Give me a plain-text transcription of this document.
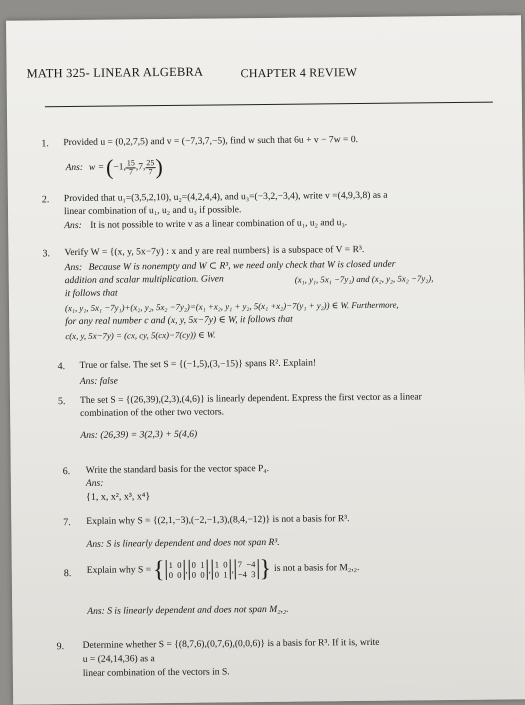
MATH 325- LINEAR ALGEBRA	CHAPTER 4 REVIEW
1. Provided u = (0,2,7,5) and v = (−7,3,7,−5), find w such that 6u + v − 7w = 0.
Ans: w = ( −1, $\frac{15}{7} ,7$, $\frac{25}{7}$ )
2. Provided that u₁=(3,5,2,10), u₂=(4,2,4,4), and u₃=(−3,2,−3,4), write v =(4,9,3,8) as a
linear combination of u₁, u₂ and u₃ if possible.
Ans: It is not possible to write v as a linear combination of u₁, u₂ and u₃.
3. Verify W = {(x, y, 5x−7y) : x and y are real numbers} is a subspace of V = R³.
Ans: Because W is nonempty and W ⊂ R³, we need only check that W is closed under
addition and scalar multiplication. Given	(x₁, y₁, 5x₁ −7y₁) and (x₂, y₂, 5x₂ −7y₂),
it follows that
(x₁, y₁, 5x₁ −7y₁)+(x₂, y₂, 5x₂ −7y₂)=(x₁ +x₂, y₁ + y₂, 5(x₁ +x₂)−7(y₁ + y₂)) ∈ W. Furthermore,
for any real number c and (x, y, 5x−7y) ∈ W, it follows that
c(x, y, 5x−7y) = (cx, cy, 5(cx)−7(cy)) ∈ W.
4. True or false. The set S = {(−1,5),(3,−15)} spans R². Explain!
Ans: false
5. The set S = {(26,39),(2,3),(4,6)} is linearly dependent. Express the first vector as a linear
combination of the other two vectors.
Ans: (26,39) = 3(2,3) + 5(4,6)
6. Write the standard basis for the vector space P₄.
Ans:
{1, x, x², x³, x⁴}
7. Explain why S = {(2,1,−3),(−2,−1,3),(8,4,−12)} is not a basis for R³.
Ans: S is linearly dependent and does not span R³.
8. Explain why S = { 1 0
0 0
,
0 1
0 0
,
1 0
0 1
,
7 −4
−4 3 } is not a basis for M₂,₂.
Ans: S is linearly dependent and does not span M₂,₂.
9. Determine whether S = {(8,7,6),(0,7,6),(0,0,6)} is a basis for R³. If it is, write
u = (24,14,36) as a
linear combination of the vectors in S.
